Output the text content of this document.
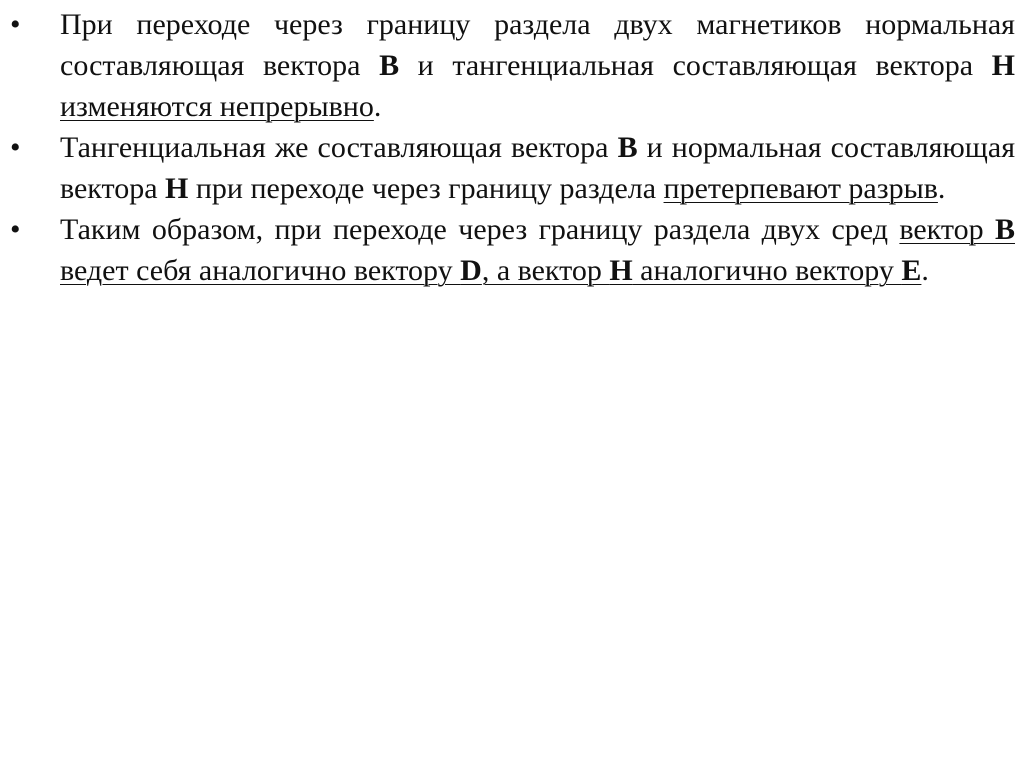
• При переходе через границу раздела двух магнетиков нормальная составляющая вектора B и тангенциальная составляющая вектора H изменяются непрерывно.
• Тангенциальная же составляющая вектора B и нормальная составляющая вектора H при переходе через границу раздела претерпевают разрыв.
• Таким образом, при переходе через границу раздела двух сред вектор B ведет себя аналогично вектору D, а вектор H аналогично вектору E.
